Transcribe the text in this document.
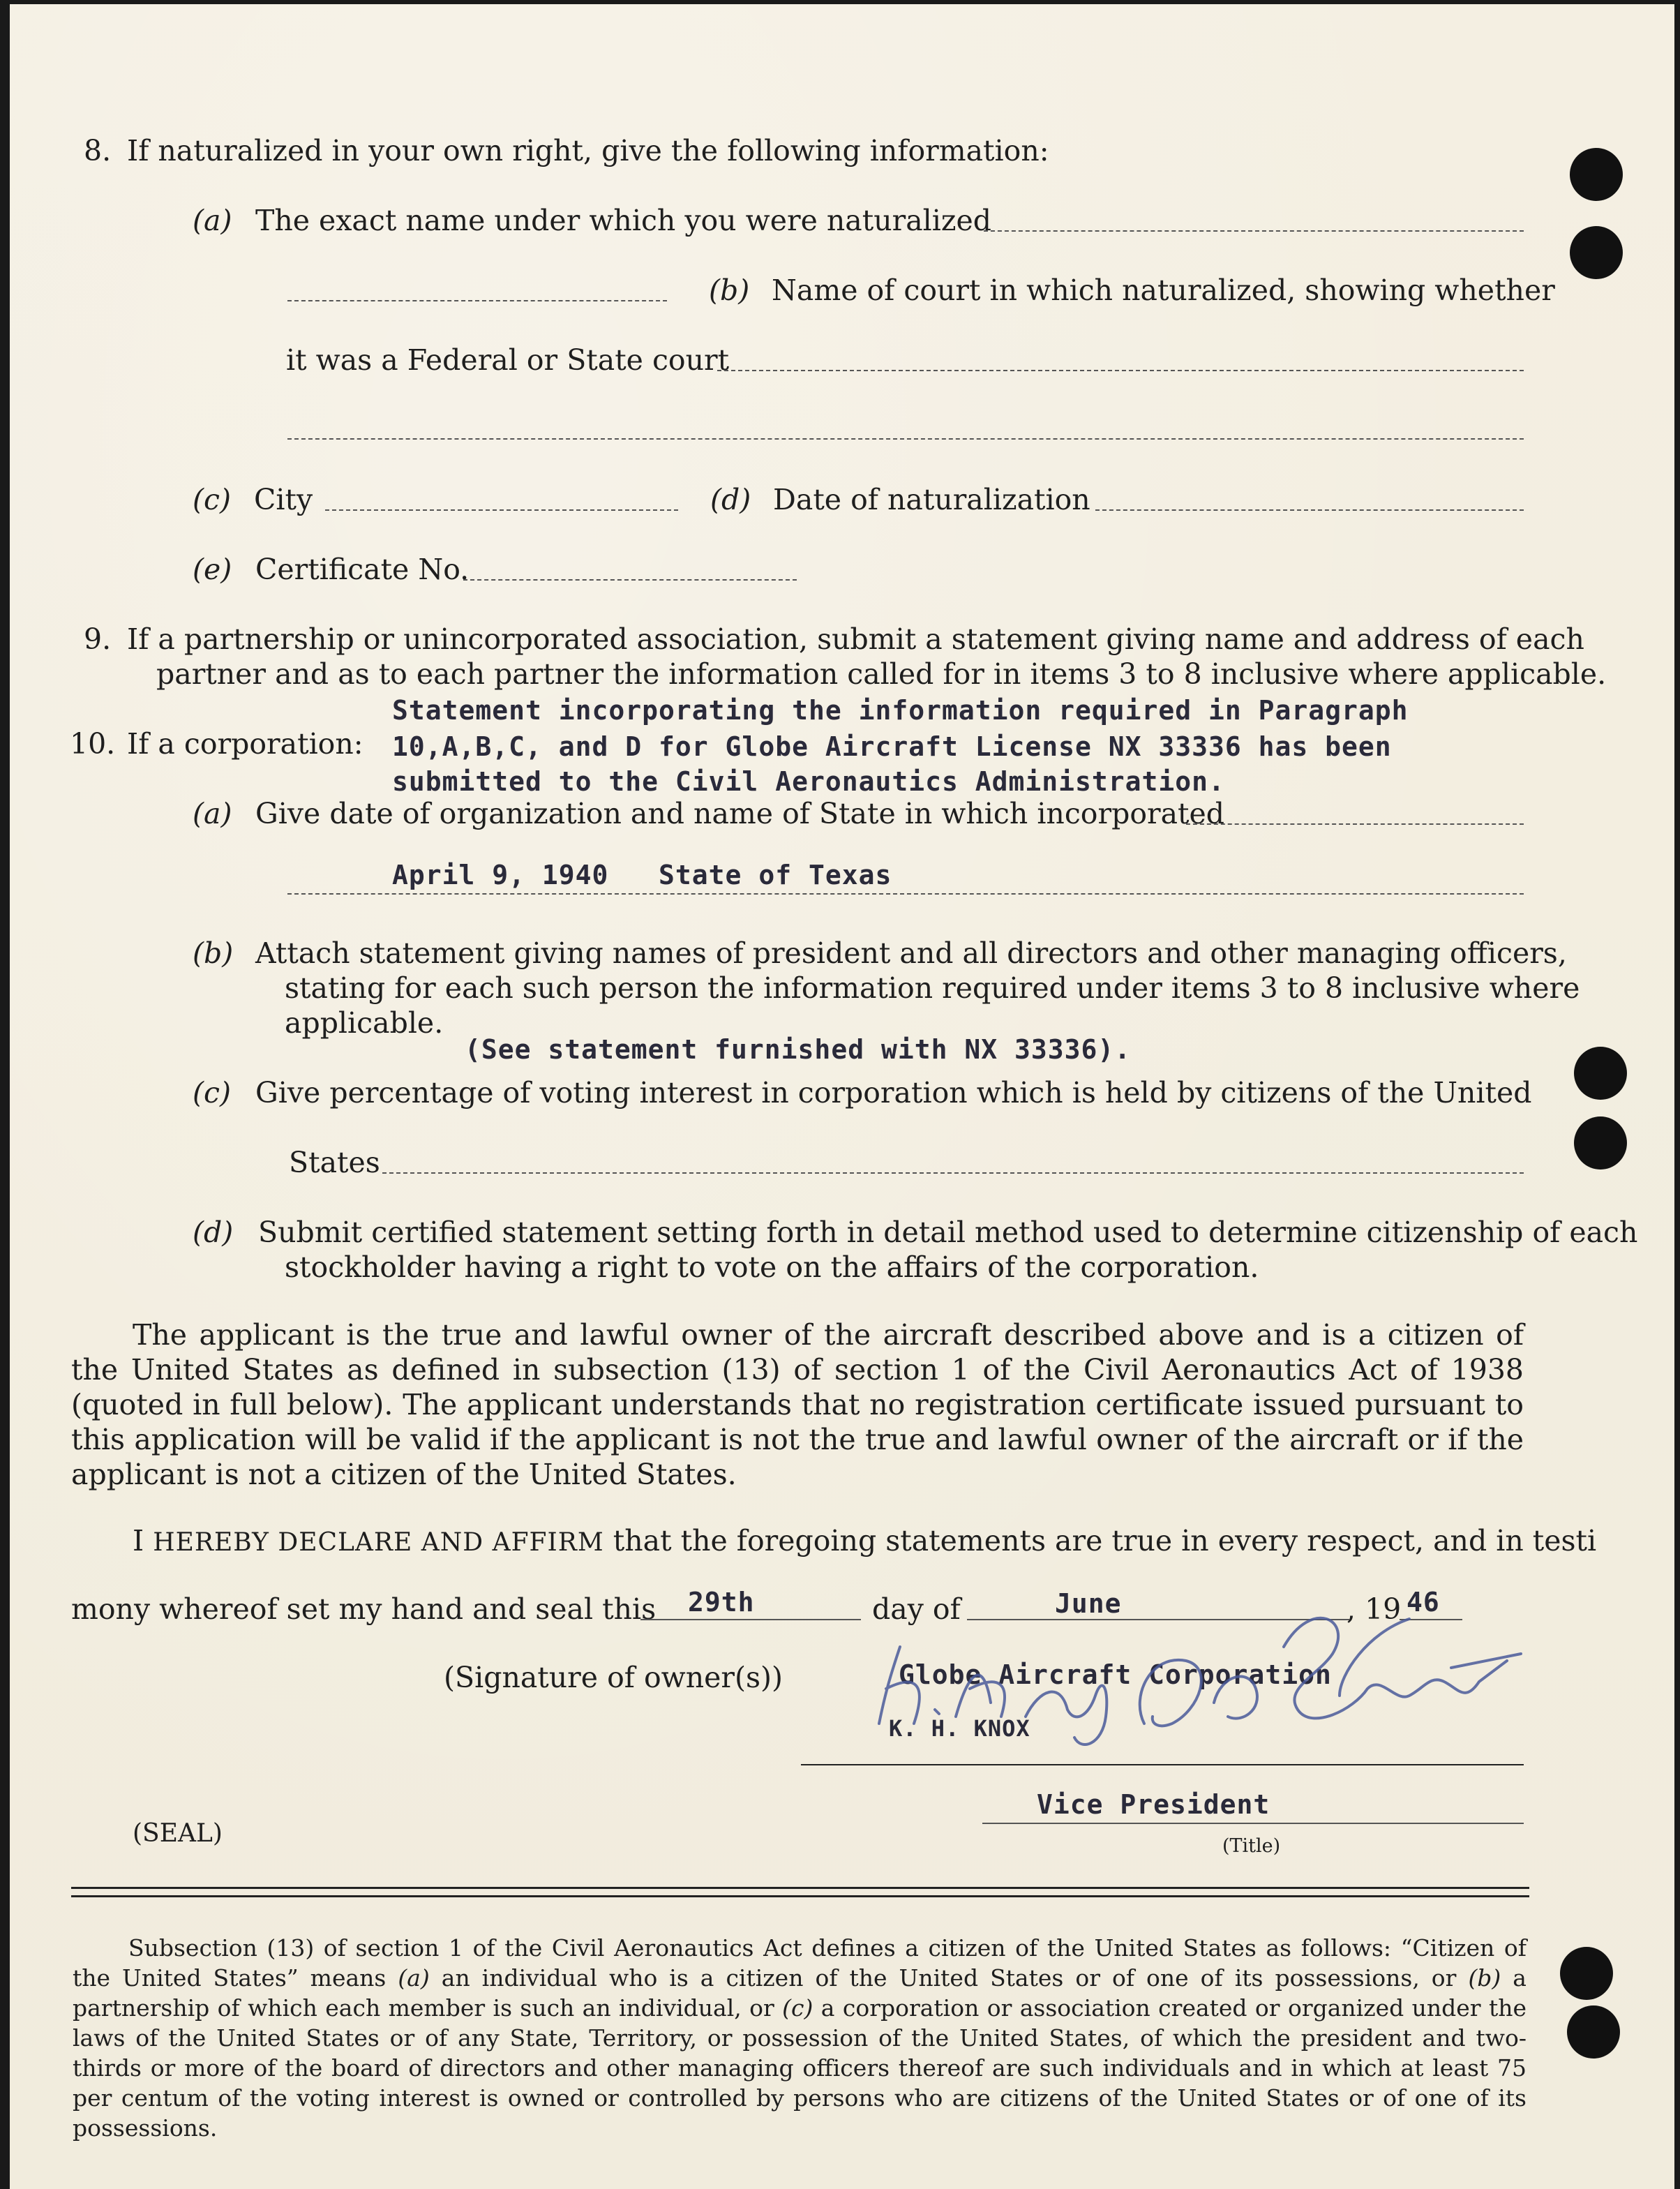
8. If naturalized in your own right, give the following information:
(a) The exact name under which you were naturalized
(b) Name of court in which naturalized, showing whether
it was a Federal or State court
(c) City	(d) Date of naturalization
(e) Certificate No.
9. If a partnership or unincorporated association, submit a statement giving name and address of each
partner and as to each partner the information called for in items 3 to 8 inclusive where applicable.
10. If a corporation:
Statement incorporating the information required in Paragraph
10,A,B,C, and D for Globe Aircraft License NX 33336 has been
submitted to the Civil Aeronautics Administration.
(a) Give date of organization and name of State in which incorporated
April 9, 1940   State of Texas
(b) Attach statement giving names of president and all directors and other managing officers,
stating for each such person the information required under items 3 to 8 inclusive where
applicable.
(See statement furnished with NX 33336).
(c) Give percentage of voting interest in corporation which is held by citizens of the United
States
(d) Submit certified statement setting forth in detail method used to determine citizenship of each
stockholder having a right to vote on the affairs of the corporation.
The applicant is the true and lawful owner of the aircraft described above and is a citizen of the United States as defined in subsection (13) of section 1 of the Civil Aeronautics Act of 1938 (quoted in full below). The applicant understands that no registration certificate issued pursuant to this application will be valid if the applicant is not the true and lawful owner of the aircraft or if the applicant is not a citizen of the United States.
I HEREBY DECLARE AND AFFIRM that the foregoing statements are true in every respect, and in testi
mony whereof set my hand and seal this 29th	day of	June	, 19 46
(Signature of owner(s))	Globe Aircraft Corporation
K. H. KNOX
K. H. Kinsley O.C. Smith
Vice President
(Title)
(SEAL)
Subsection (13) of section 1 of the Civil Aeronautics Act defines a citizen of the United States as follows: “Citizen of the United States” means (a) an individual who is a citizen of the United States or of one of its possessions, or (b) a partnership of which each member is such an individual, or (c) a corporation or association created or organized under the laws of the United States or of any State, Territory, or possession of the United States, of which the president and two-thirds or more of the board of directors and other managing officers thereof are such individuals and in which at least 75 per centum of the voting interest is owned or controlled by persons who are citizens of the United States or of one of its possessions.
